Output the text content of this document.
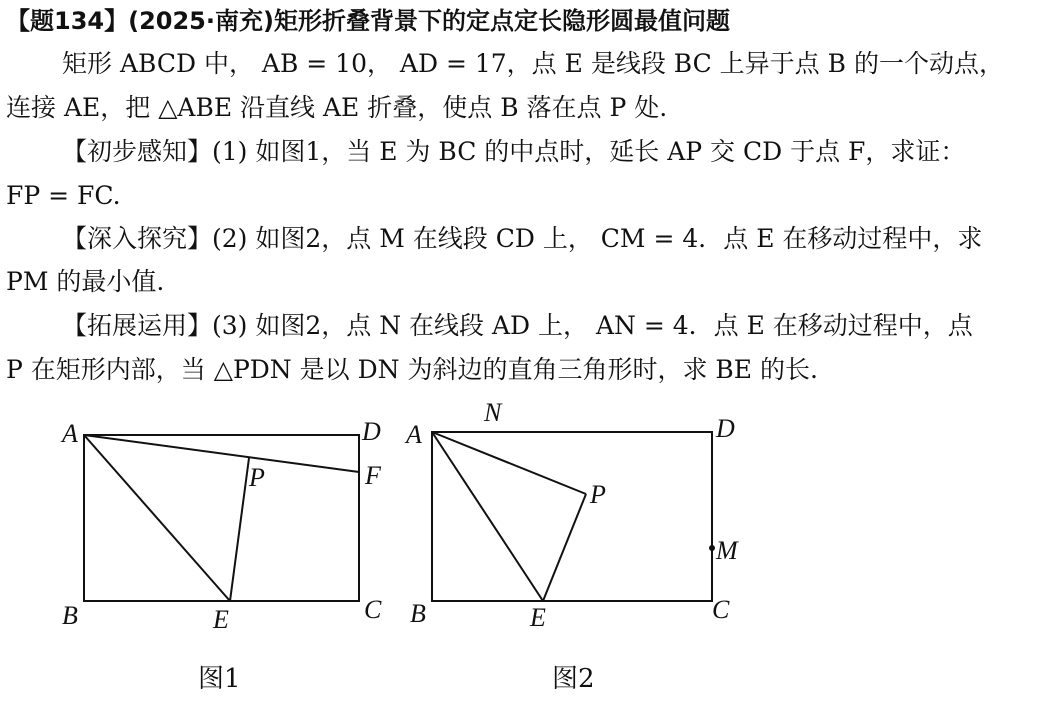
【题134】(2025·南充)矩形折叠背景下的定点定长隐形圆最值问题
矩形 ABCD 中， AB = 10， AD = 17，点 E 是线段 BC 上异于点 B 的一个动点，
连接 AE，把 △ABE 沿直线 AE 折叠，使点 B 落在点 P 处.
【初步感知】(1) 如图1，当 E 为 BC 的中点时，延长 AP 交 CD 于点 F，求证：
FP = FC.
【深入探究】(2) 如图2，点 M 在线段 CD 上， CM = 4．点 E 在移动过程中，求
PM 的最小值.
【拓展运用】(3) 如图2，点 N 在线段 AD 上， AN = 4．点 E 在移动过程中，点
P 在矩形内部，当 △PDN 是以 DN 为斜边的直角三角形时，求 BE 的长.
A	D
F
P
B	E	C
A
N
D
P
M
B	E	C
图1	图2
